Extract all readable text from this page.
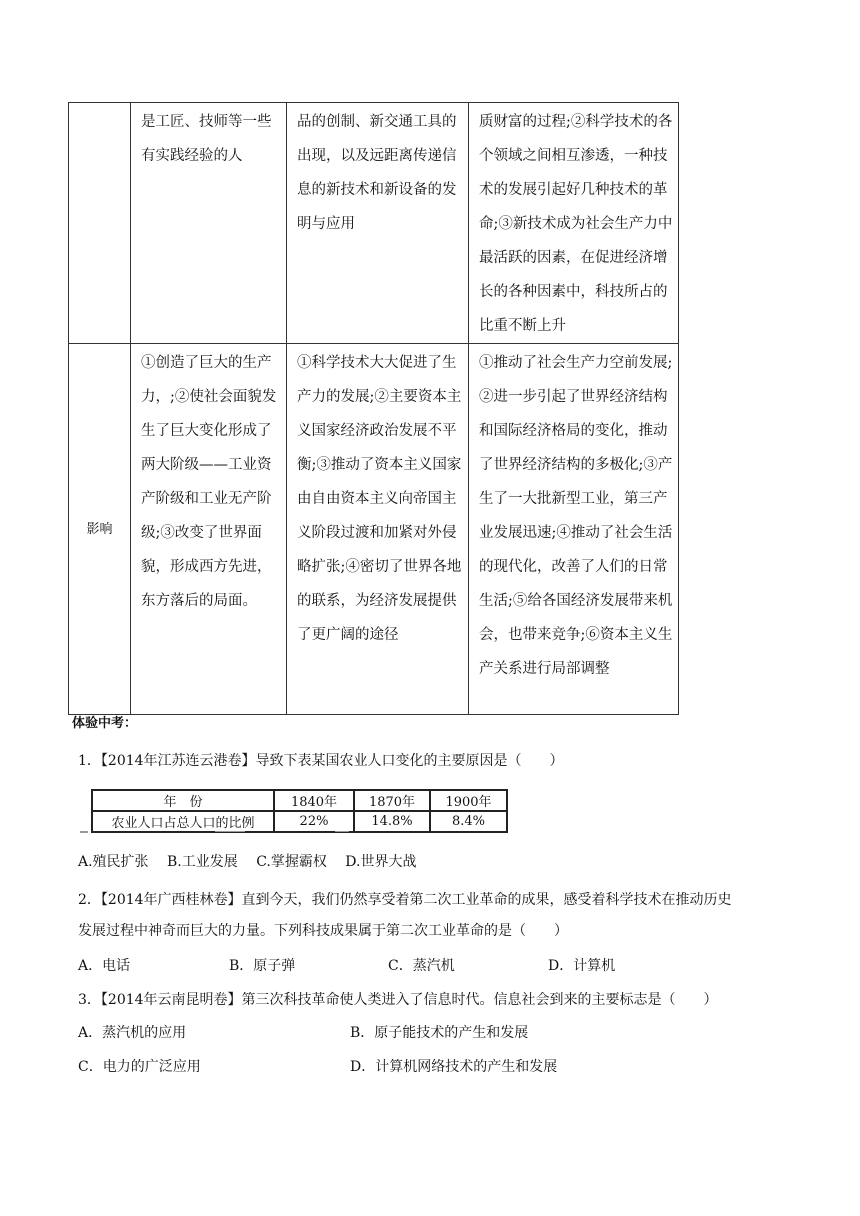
	是工匠、技师等一些有实践经验的人	品的创制、新交通工具的出现，以及远距离传递信息的新技术和新设备的发明与应用	质财富的过程;②科学技术的各个领域之间相互渗透，一种技术的发展引起好几种技术的革命;③新技术成为社会生产力中最活跃的因素，在促进经济增长的各种因素中，科技所占的比重不断上升
影响	①创造了巨大的生产力，;②使社会面貌发生了巨大变化形成了两大阶级——工业资产阶级和工业无产阶级;③改变了世界面貌，形成西方先进，东方落后的局面。	①科学技术大大促进了生产力的发展;②主要资本主义国家经济政治发展不平衡;③推动了资本主义国家由自由资本主义向帝国主义阶段过渡和加紧对外侵略扩张;④密切了世界各地的联系，为经济发展提供了更广阔的途径	①推动了社会生产力空前发展;②进一步引起了世界经济结构和国际经济格局的变化，推动了世界经济结构的多极化;③产生了一大批新型工业，第三产业发展迅速;④推动了社会生活的现代化，改善了人们的日常生活;⑤给各国经济发展带来机会，也带来竞争;⑥资本主义生产关系进行局部调整
体验中考：
1．【2014年江苏连云港卷】导致下表某国农业人口变化的主要原因是（　　）
年　份	1840年	1870年	1900年
农业人口占总人口的比例	22%	14.8%	8.4%
A.殖民扩张　 B.工业发展　 C.掌握霸权　 D.世界大战
2．【2014年广西桂林卷】直到今天，我们仍然享受着第二次工业革命的成果，感受着科学技术在推动历史
发展过程中神奇而巨大的力量。下列科技成果属于第二次工业革命的是（　　）
A．电话	B．原子弹	C．蒸汽机	D．计算机
3．【2014年云南昆明卷】第三次科技革命使人类进入了信息时代。信息社会到来的主要标志是（　　）
A．蒸汽机的应用	B．原子能技术的产生和发展
C．电力的广泛应用	D．计算机网络技术的产生和发展
